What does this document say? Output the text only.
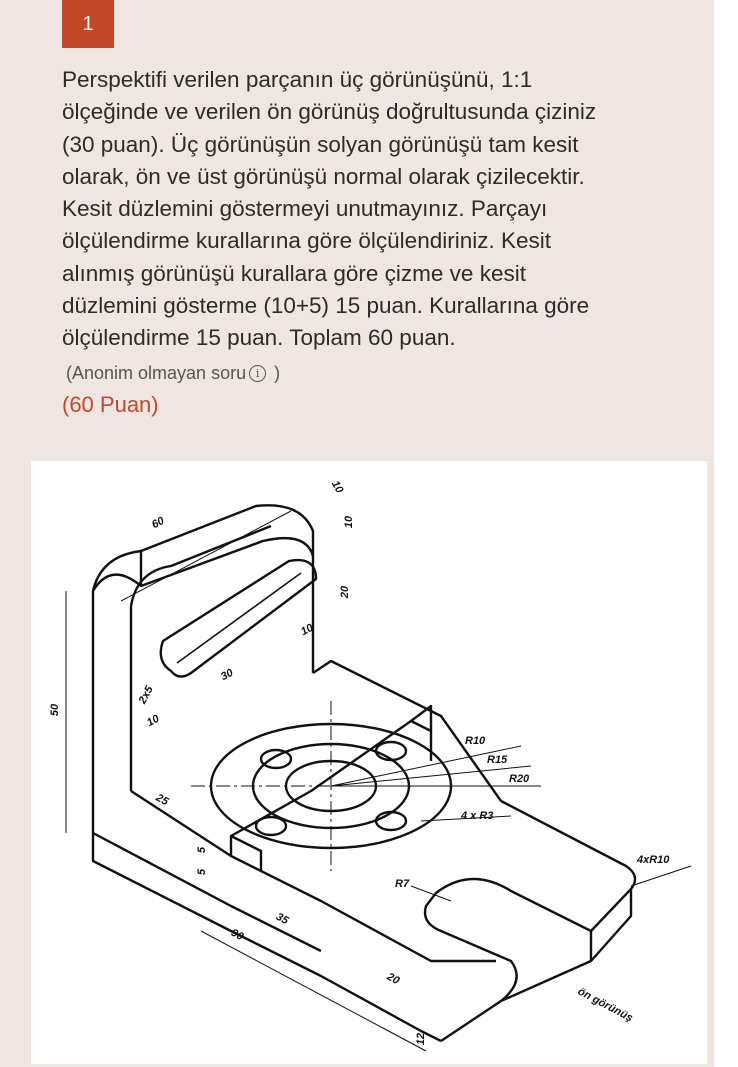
1

Perspektifi verilen parçanın üç görünüşünü, 1:1
ölçeğinde ve verilen ön görünüş doğrultusunda çiziniz
(30 puan). Üç görünüşün solyan görünüşü tam kesit
olarak, ön ve üst görünüşü normal olarak çizilecektir.
Kesit düzlemini göstermeyi unutmayınız. Parçayı
ölçülendirme kurallarına göre ölçülendiriniz. Kesit
alınmış görünüşü kurallara göre çizme ve kesit
düzlemini gösterme (10+5) 15 puan. Kurallarına göre
ölçülendirme 15 puan. Toplam 60 puan.

(Anonim olmayan soru i )
(60 Puan)
60
10
10
20
10
50
30
2x5
10
25
5
5
90
35
20
12
R10
R15
R20
4 x R3
R7
4xR10
ön görünüş
